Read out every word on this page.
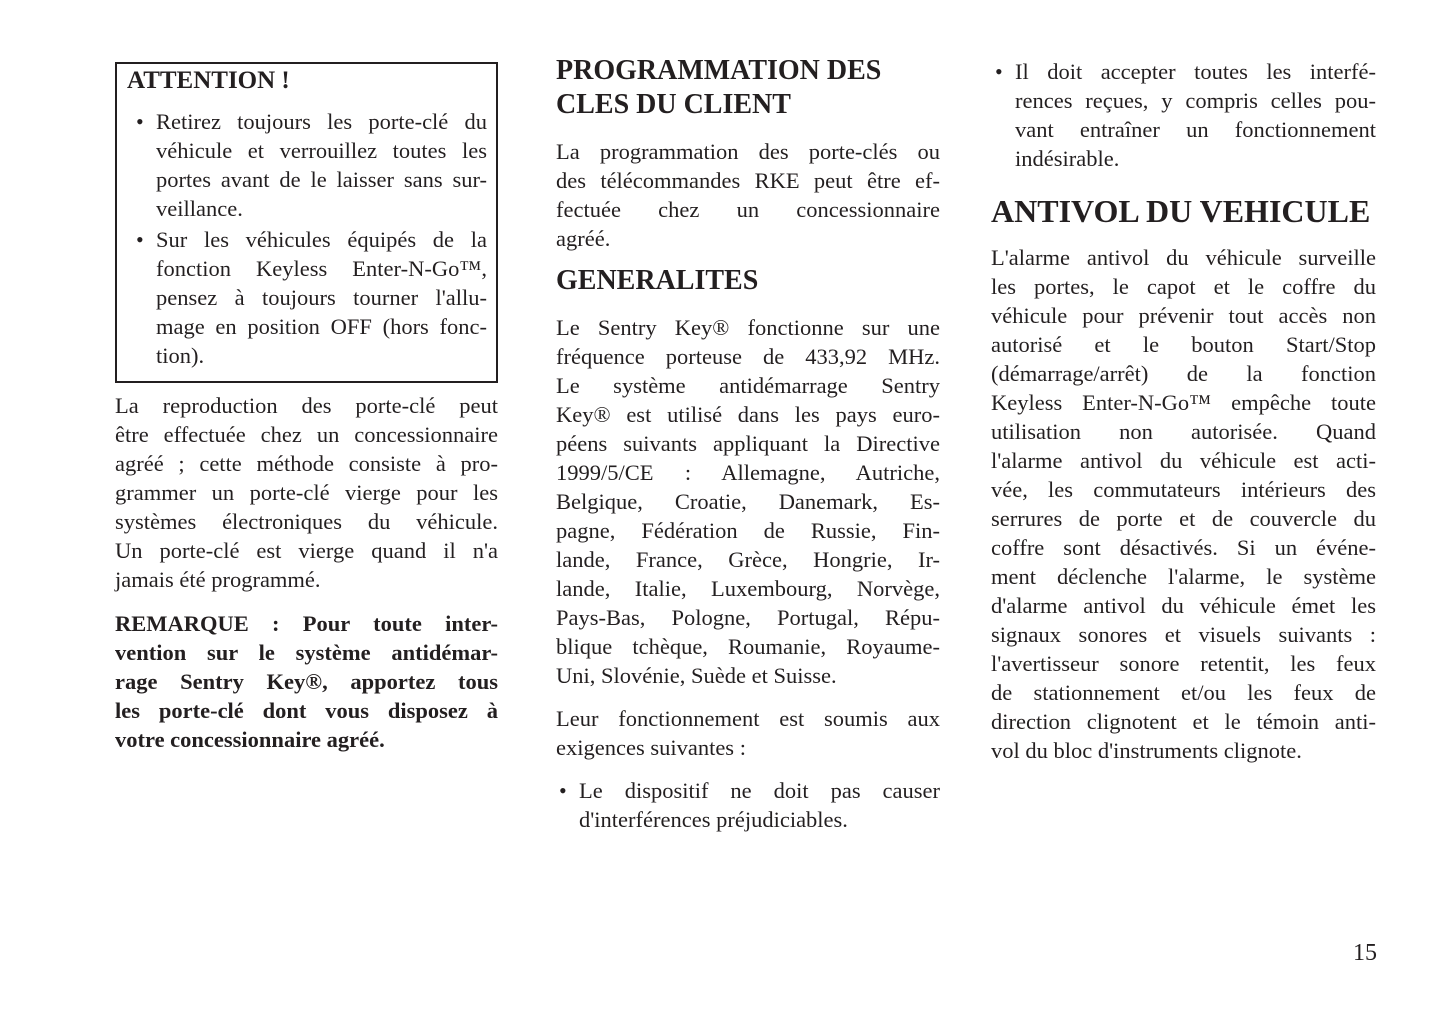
ATTENTION !
• Retirez toujours les porte-clé du
véhicule et verrouillez toutes les
portes avant de le laisser sans sur-
veillance.
• Sur les véhicules équipés de la
fonction Keyless Enter-N-Go™,
pensez à toujours tourner l'allu-
mage en position OFF (hors fonc-
tion).
La reproduction des porte-clé peut
être effectuée chez un concessionnaire
agréé ; cette méthode consiste à pro-
grammer un porte-clé vierge pour les
systèmes électroniques du véhicule.
Un porte-clé est vierge quand il n'a
jamais été programmé.
REMARQUE : Pour toute inter-
vention sur le système antidémar-
rage Sentry Key®, apportez tous
les porte-clé dont vous disposez à
votre concessionnaire agréé.
PROGRAMMATION DES
CLES DU CLIENT
La programmation des porte-clés ou
des télécommandes RKE peut être ef-
fectuée chez un concessionnaire
agréé.
GENERALITES
Le Sentry Key® fonctionne sur une
fréquence porteuse de 433,92 MHz.
Le système antidémarrage Sentry
Key® est utilisé dans les pays euro-
péens suivants appliquant la Directive
1999/5/CE : Allemagne, Autriche,
Belgique, Croatie, Danemark, Es-
pagne, Fédération de Russie, Fin-
lande, France, Grèce, Hongrie, Ir-
lande, Italie, Luxembourg, Norvège,
Pays-Bas, Pologne, Portugal, Répu-
blique tchèque, Roumanie, Royaume-
Uni, Slovénie, Suède et Suisse.
Leur fonctionnement est soumis aux
exigences suivantes :
• Le dispositif ne doit pas causer
d'interférences préjudiciables.
• Il doit accepter toutes les interfé-
rences reçues, y compris celles pou-
vant entraîner un fonctionnement
indésirable.
ANTIVOL DU VEHICULE
L'alarme antivol du véhicule surveille
les portes, le capot et le coffre du
véhicule pour prévenir tout accès non
autorisé et le bouton Start/Stop
(démarrage/arrêt) de la fonction
Keyless Enter-N-Go™ empêche toute
utilisation non autorisée. Quand
l'alarme antivol du véhicule est acti-
vée, les commutateurs intérieurs des
serrures de porte et de couvercle du
coffre sont désactivés. Si un événe-
ment déclenche l'alarme, le système
d'alarme antivol du véhicule émet les
signaux sonores et visuels suivants :
l'avertisseur sonore retentit, les feux
de stationnement et/ou les feux de
direction clignotent et le témoin anti-
vol du bloc d'instruments clignote.
15
